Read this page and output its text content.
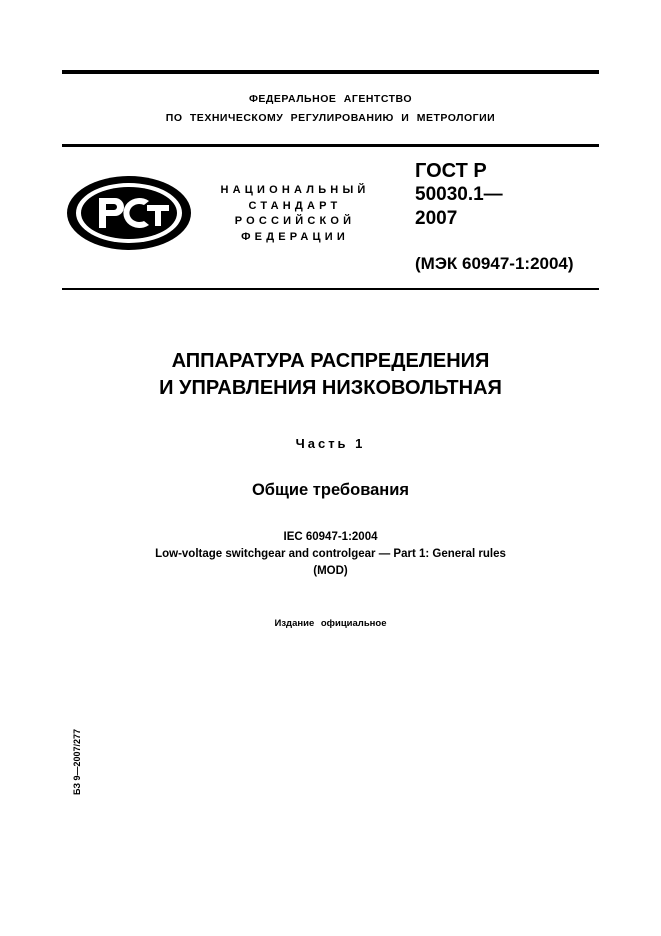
ФЕДЕРАЛЬНОЕ АГЕНТСТВО
ПО ТЕХНИЧЕСКОМУ РЕГУЛИРОВАНИЮ И МЕТРОЛОГИИ
НАЦИОНАЛЬНЫЙ
СТАНДАРТ
РОССИЙСКОЙ
ФЕДЕРАЦИИ
ГОСТ Р
50030.1—
2007
(МЭК 60947-1:2004)
АППАРАТУРА РАСПРЕДЕЛЕНИЯ
И УПРАВЛЕНИЯ НИЗКОВОЛЬТНАЯ
Часть 1
Общие требования
IEC 60947-1:2004
Low-voltage switchgear and controlgear — Part 1: General rules
(MOD)
Издание официальное
БЗ 9—2007/277
